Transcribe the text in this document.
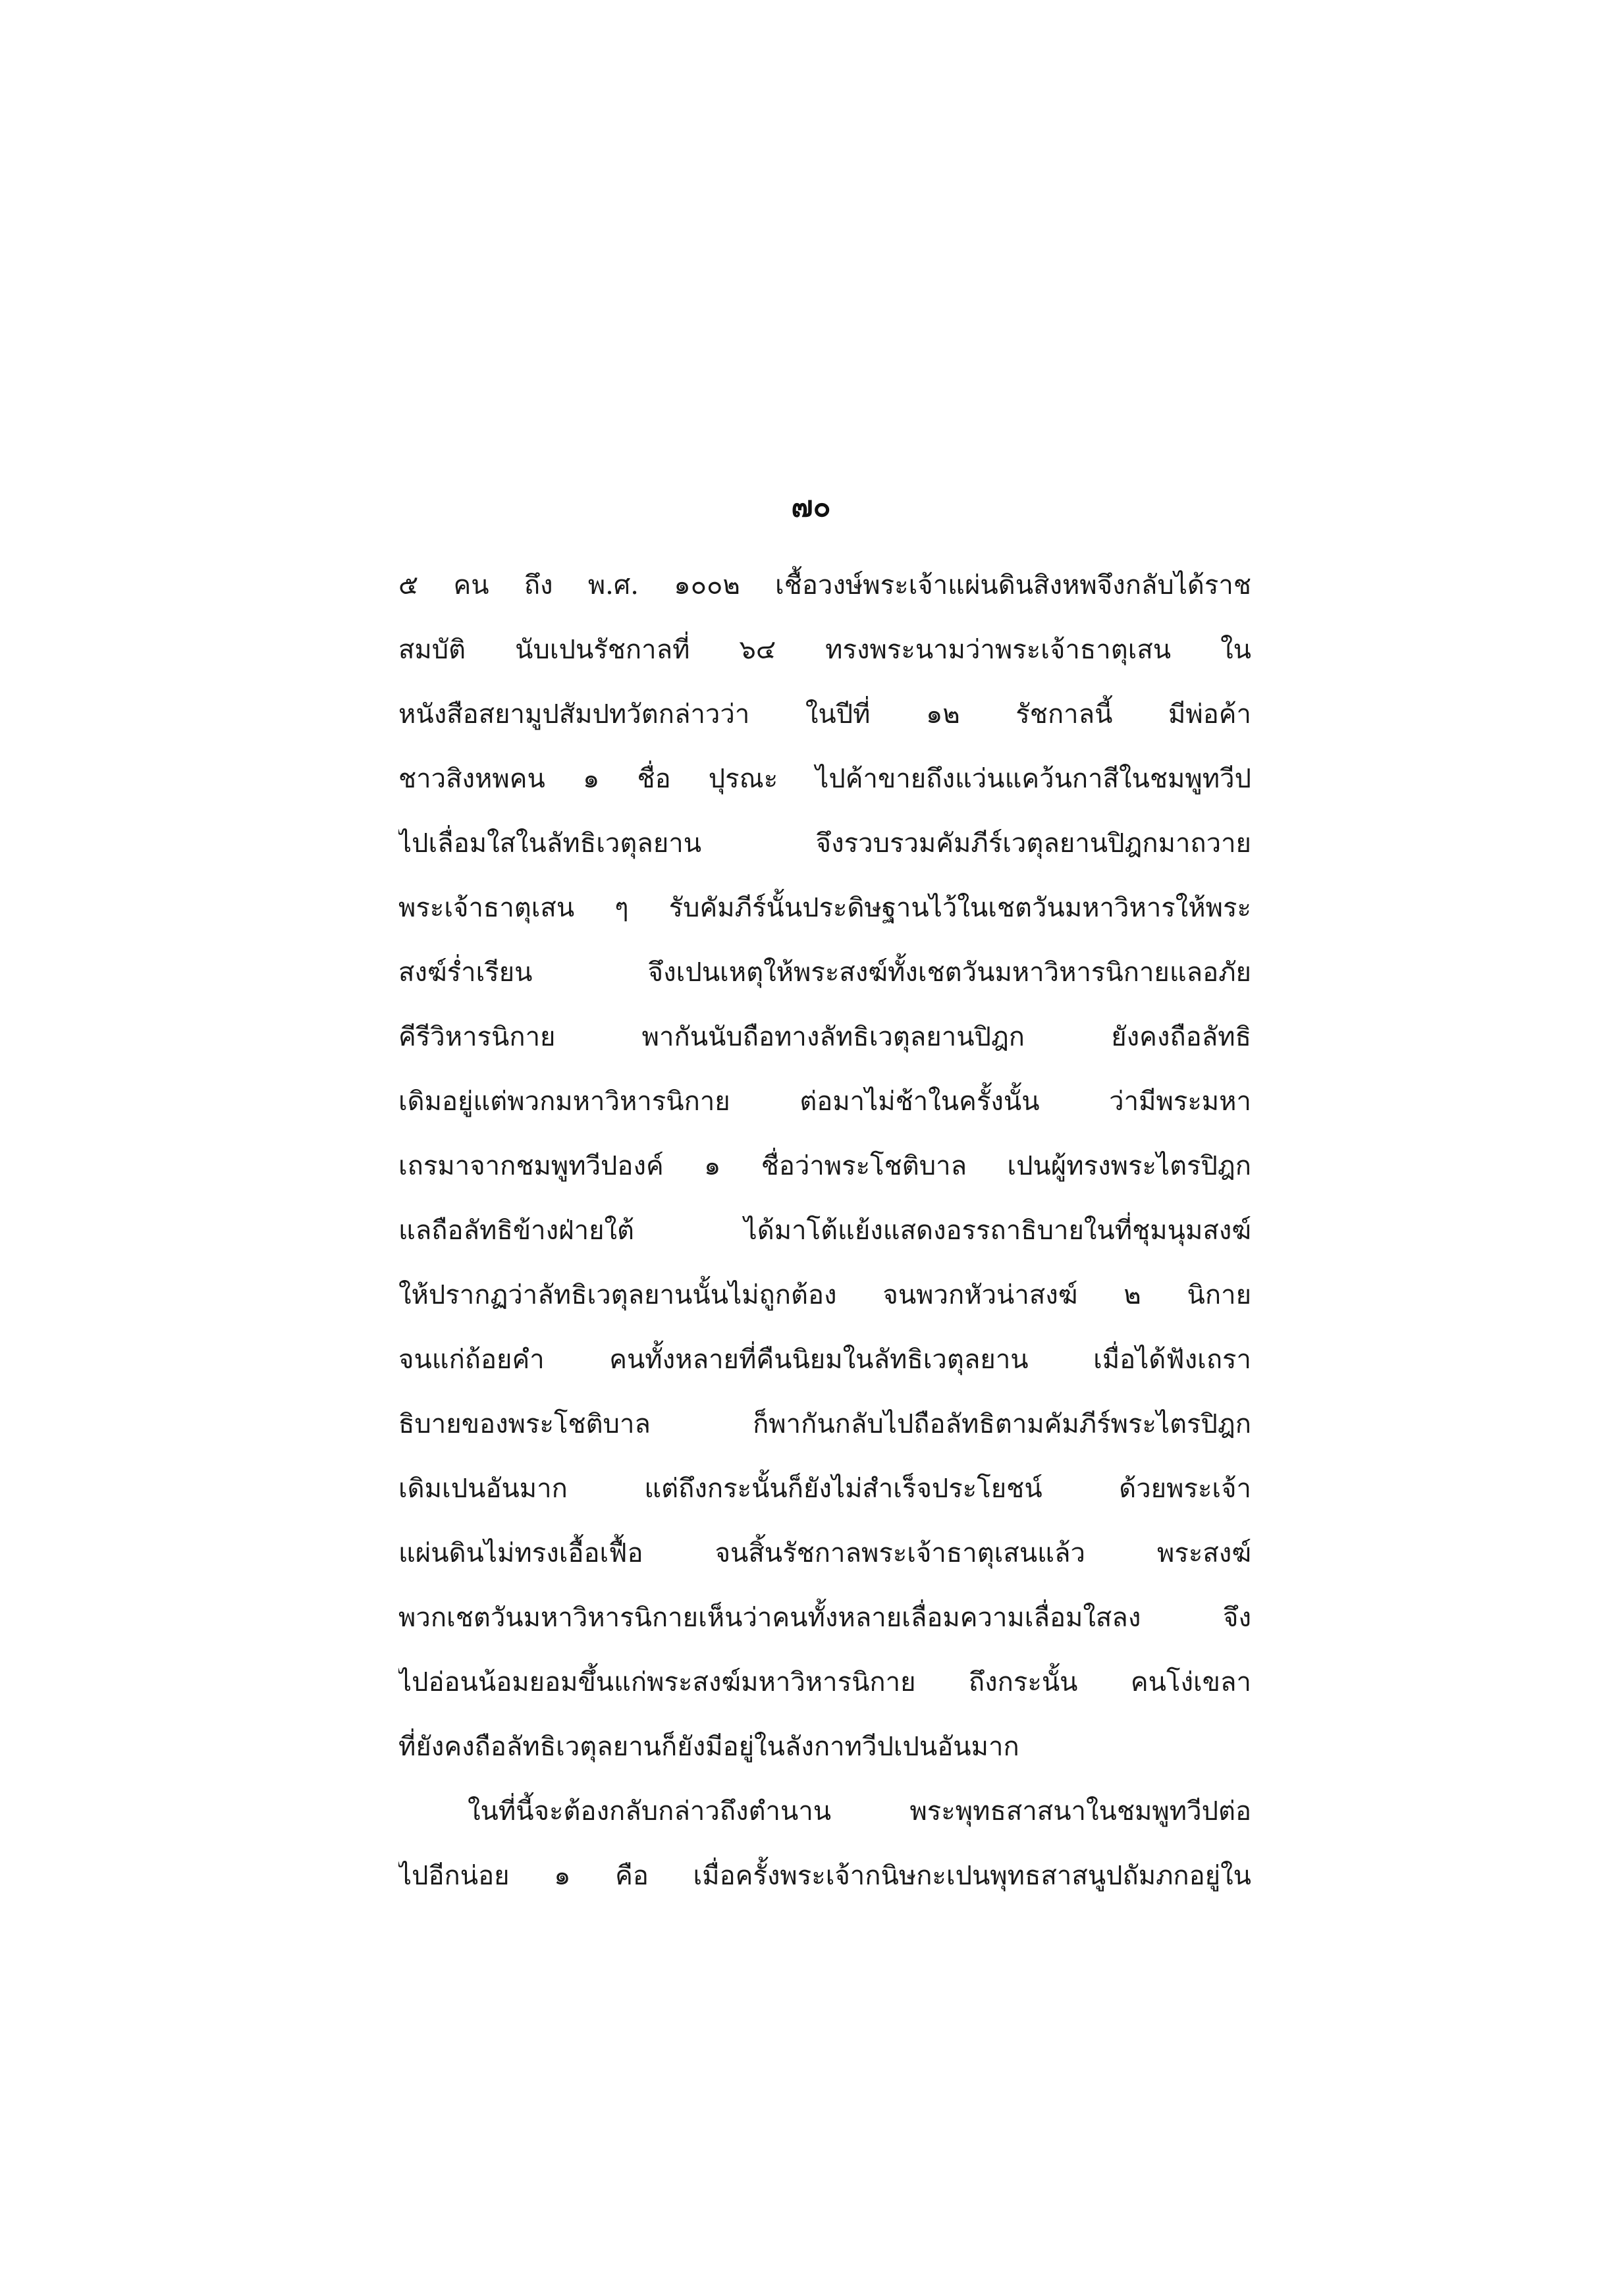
๗๐
๕ คน ถึง พ.ศ. ๑๐๐๒ เชื้อวงษ์พระเจ้าแผ่นดินสิงหพจึงกลับได้ราช
สมบัติ นับเปนรัชกาลที่ ๖๔ ทรงพระนามว่าพระเจ้าธาตุเสน ใน
หนังสือสยามูปสัมปทวัตกล่าวว่า ในปีที่ ๑๒ รัชกาลนี้ มีพ่อค้า
ชาวสิงหพคน ๑ ชื่อ ปุรณะ ไปค้าขายถึงแว่นแคว้นกาสีในชมพูทวีป
ไปเลื่อมใสในลัทธิเวตุลยาน จึงรวบรวมคัมภีร์เวตุลยานปิฎกมาถวาย
พระเจ้าธาตุเสน ๆ รับคัมภีร์นั้นประดิษฐานไว้ในเชตวันมหาวิหารให้พระ
สงฆ์ร่ำเรียน จึงเปนเหตุให้พระสงฆ์ทั้งเชตวันมหาวิหารนิกายแลอภัย
คีรีวิหารนิกาย พากันนับถือทางลัทธิเวตุลยานปิฎก ยังคงถือลัทธิ
เดิมอยู่แต่พวกมหาวิหารนิกาย ต่อมาไม่ช้าในครั้งนั้น ว่ามีพระมหา
เถรมาจากชมพูทวีปองค์ ๑ ชื่อว่าพระโชติบาล เปนผู้ทรงพระไตรปิฎก
แลถือลัทธิข้างฝ่ายใต้ ได้มาโต้แย้งแสดงอรรถาธิบายในที่ชุมนุมสงฆ์
ให้ปรากฏว่าลัทธิเวตุลยานนั้นไม่ถูกต้อง จนพวกหัวน่าสงฆ์ ๒ นิกาย
จนแก่ถ้อยคำ คนทั้งหลายที่คืนนิยมในลัทธิเวตุลยาน เมื่อได้ฟังเถรา
ธิบายของพระโชติบาล ก็พากันกลับไปถือลัทธิตามคัมภีร์พระไตรปิฎก
เดิมเปนอันมาก แต่ถึงกระนั้นก็ยังไม่สำเร็จประโยชน์ ด้วยพระเจ้า
แผ่นดินไม่ทรงเอื้อเฟื้อ จนสิ้นรัชกาลพระเจ้าธาตุเสนแล้ว พระสงฆ์
พวกเชตวันมหาวิหารนิกายเห็นว่าคนทั้งหลายเลื่อมความเลื่อมใสลง จึง
ไปอ่อนน้อมยอมขึ้นแก่พระสงฆ์มหาวิหารนิกาย ถึงกระนั้น คนโง่เขลา
ที่ยังคงถือลัทธิเวตุลยานก็ยังมีอยู่ในลังกาทวีปเปนอันมาก
ในที่นี้จะต้องกลับกล่าวถึงตำนาน พระพุทธสาสนาในชมพูทวีปต่อ
ไปอีกน่อย ๑ คือ เมื่อครั้งพระเจ้ากนิษกะเปนพุทธสาสนูปถัมภกอยู่ใน
